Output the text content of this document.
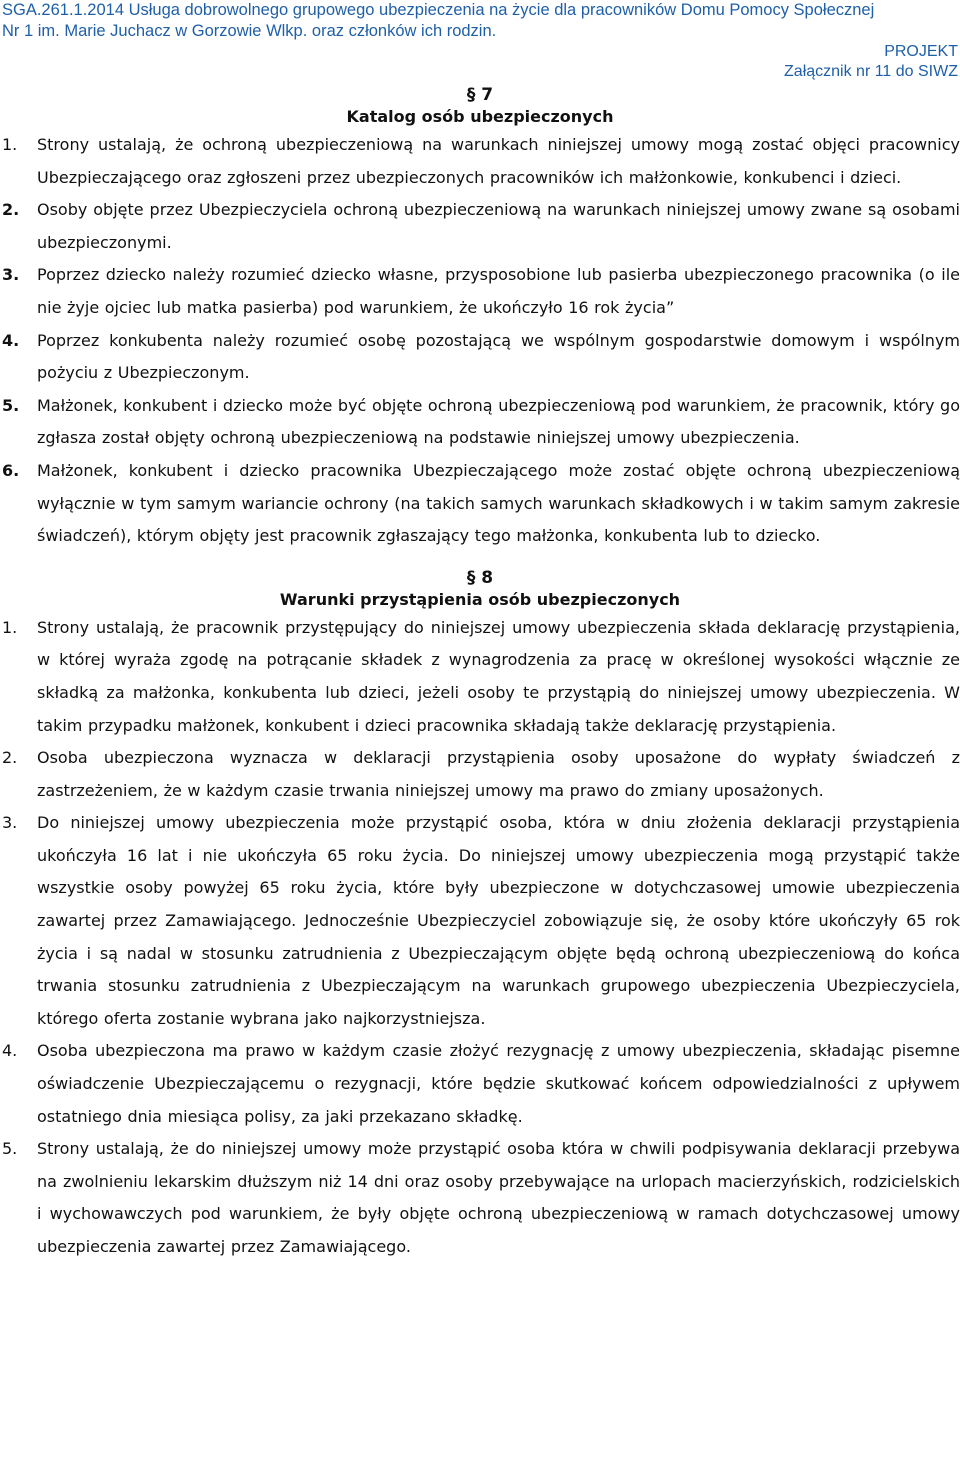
SGA.261.1.2014 Usługa dobrowolnego grupowego ubezpieczenia na życie dla pracowników Domu Pomocy Społecznej
Nr 1 im. Marie Juchacz w Gorzowie Wlkp. oraz członków ich rodzin.
PROJEKT
Załącznik nr 11 do SIWZ
§ 7
Katalog osób ubezpieczonych
1.	Strony ustalają, że ochroną ubezpieczeniową na warunkach niniejszej umowy mogą zostać objęci pracownicy Ubezpieczającego oraz zgłoszeni przez ubezpieczonych pracowników ich małżonkowie, konkubenci i dzieci.
2.	Osoby objęte przez Ubezpieczyciela ochroną ubezpieczeniową na warunkach niniejszej umowy zwane są osobami ubezpieczonymi.
3.	Poprzez dziecko należy rozumieć dziecko własne, przysposobione lub pasierba ubezpieczonego pracownika (o ile nie żyje ojciec lub matka pasierba) pod warunkiem, że ukończyło 16 rok życia”
4.	Poprzez konkubenta należy rozumieć osobę pozostającą we wspólnym gospodarstwie domowym i wspólnym pożyciu z Ubezpieczonym.
5.	Małżonek, konkubent i dziecko może być objęte ochroną ubezpieczeniową pod warunkiem, że pracownik, który go zgłasza został objęty ochroną ubezpieczeniową na podstawie niniejszej umowy ubezpieczenia.
6.	Małżonek, konkubent i dziecko pracownika Ubezpieczającego może zostać objęte ochroną ubezpieczeniową wyłącznie w tym samym wariancie ochrony (na takich samych warunkach składkowych i w takim samym zakresie świadczeń), którym objęty jest pracownik zgłaszający tego małżonka, konkubenta lub to dziecko.
§ 8
Warunki przystąpienia osób ubezpieczonych
1.	Strony ustalają, że pracownik przystępujący do niniejszej umowy ubezpieczenia składa deklarację przystąpienia, w której wyraża zgodę na potrącanie składek z wynagrodzenia za pracę w określonej wysokości włącznie ze składką za małżonka, konkubenta lub dzieci, jeżeli osoby te przystąpią do niniejszej umowy ubezpieczenia. W takim przypadku małżonek, konkubent i dzieci pracownika składają także deklarację przystąpienia.
2.	Osoba ubezpieczona wyznacza w deklaracji przystąpienia osoby uposażone do wypłaty świadczeń z zastrzeżeniem, że w każdym czasie trwania niniejszej umowy ma prawo do zmiany uposażonych.
3.	Do niniejszej umowy ubezpieczenia może przystąpić osoba, która w dniu złożenia deklaracji przystąpienia ukończyła 16 lat i nie ukończyła 65 roku życia. Do niniejszej umowy ubezpieczenia mogą przystąpić także wszystkie osoby powyżej 65 roku życia, które były ubezpieczone w dotychczasowej umowie ubezpieczenia zawartej przez Zamawiającego. Jednocześnie Ubezpieczyciel zobowiązuje się, że osoby które ukończyły 65 rok życia i są nadal w stosunku zatrudnienia z Ubezpieczającym objęte będą ochroną ubezpieczeniową do końca trwania stosunku zatrudnienia z Ubezpieczającym na warunkach grupowego ubezpieczenia Ubezpieczyciela, którego oferta zostanie wybrana jako najkorzystniejsza.
4.	Osoba ubezpieczona ma prawo w każdym czasie złożyć rezygnację z umowy ubezpieczenia, składając pisemne oświadczenie Ubezpieczającemu o rezygnacji, które będzie skutkować końcem odpowiedzialności z upływem ostatniego dnia miesiąca polisy, za jaki przekazano składkę.
5.	Strony ustalają, że do niniejszej umowy może przystąpić osoba która w chwili podpisywania deklaracji przebywa na zwolnieniu lekarskim dłuższym niż 14 dni oraz osoby przebywające na urlopach macierzyńskich, rodzicielskich i wychowawczych pod warunkiem, że były objęte ochroną ubezpieczeniową w ramach dotychczasowej umowy ubezpieczenia zawartej przez Zamawiającego.
